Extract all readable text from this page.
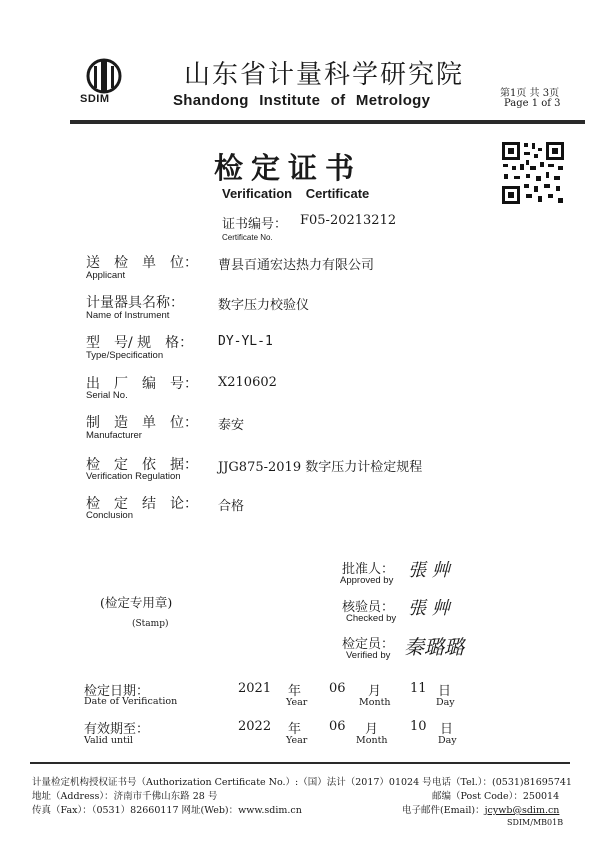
SDIM
山东省计量科学研究院
Shandong Institute of Metrology	第1页 共 3页
Page 1 of 3
检定证书
Verification Certificate
证书编号： F05-20213212
Certificate No.
送　检　单　位： 曹县百通宏达热力有限公司
Applicant
计量器具名称：	数字压力校验仪
Name of Instrument
型　号/ 规　格： DY-YL-1
Type/Specification
出　厂　编　号： X210602
Serial No.
制　造　单　位： 泰安
Manufacturer
检　定　依　据： JJG875-2019 数字压力计检定规程
Verification Regulation
检　定　结　论： 合格
Conclusion
批准人：
Approved by 張 艸
核验员：
Checked by 張 艸
检定员：
Verified by 秦璐璐
(检定专用章)
(Stamp)
检定日期：
Date of Verification
2021 年
Year
06 月
Month
11 日
Day
有效期至：
Valid until
2022 年
Year
06 月
Month
10 日
Day
计量检定机构授权证书号（Authorization Certificate No.）:（国）法计（2017）01024 号
地址（Address）：济南市千佛山东路 28 号
传真（Fax）：（0531）82660117 网址(Web)：www.sdim.cn
电话（Tel.）：(0531)81695741
邮编（Post Code）：250014
电子邮件(Email)：jcywb@sdim.cn
SDIM/MB01B
